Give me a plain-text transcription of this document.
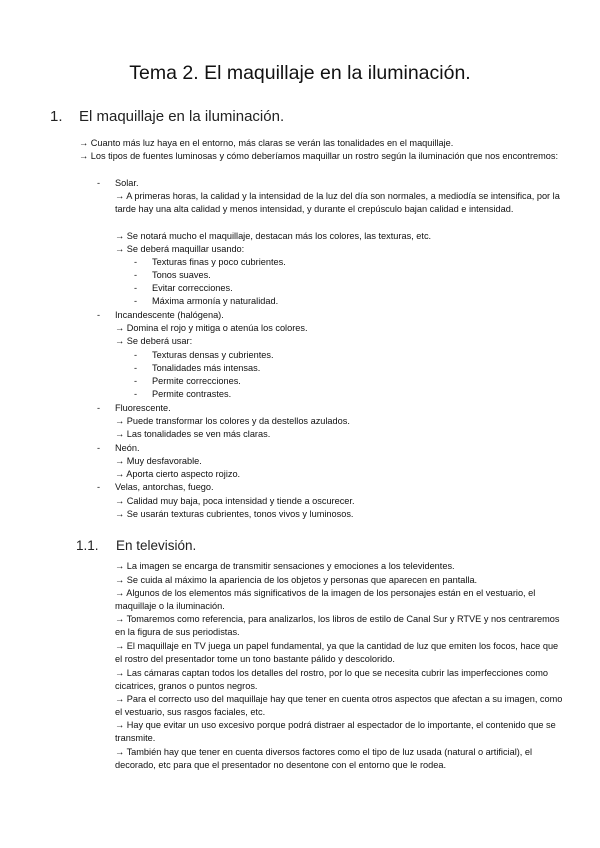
Tema 2. El maquillaje en la iluminación.
1. El maquillaje en la iluminación.
→ Cuanto más luz haya en el entorno, más claras se verán las tonalidades en el maquillaje.
→ Los tipos de fuentes luminosas y cómo deberíamos maquillar un rostro según la iluminación que nos encontremos:
- Solar.
→ A primeras horas, la calidad y la intensidad de la luz del día son normales, a mediodía se intensifica, por la tarde hay una alta calidad y menos intensidad, y durante el crepúsculo bajan calidad e intensidad.
→ Se notará mucho el maquillaje, destacan más los colores, las texturas, etc.
→ Se deberá maquillar usando:
- Texturas finas y poco cubrientes.
- Tonos suaves.
- Evitar correcciones.
- Máxima armonía y naturalidad.
- Incandescente (halógena).
→ Domina el rojo y mitiga o atenúa los colores.
→ Se deberá usar:
- Texturas densas y cubrientes.
- Tonalidades más intensas.
- Permite correcciones.
- Permite contrastes.
- Fluorescente.
→ Puede transformar los colores y da destellos azulados.
→ Las tonalidades se ven más claras.
- Neón.
→ Muy desfavorable.
→ Aporta cierto aspecto rojizo.
- Velas, antorchas, fuego.
→ Calidad muy baja, poca intensidad y tiende a oscurecer.
→ Se usarán texturas cubrientes, tonos vivos y luminosos.
1.1. En televisión.
→ La imagen se encarga de transmitir sensaciones y emociones a los televidentes.
→ Se cuida al máximo la apariencia de los objetos y personas que aparecen en pantalla.
→ Algunos de los elementos más significativos de la imagen de los personajes están en el vestuario, el maquillaje o la iluminación.
→ Tomaremos como referencia, para analizarlos, los libros de estilo de Canal Sur y RTVE y nos centraremos en la figura de sus periodistas.
→ El maquillaje en TV juega un papel fundamental, ya que la cantidad de luz que emiten los focos, hace que el rostro del presentador tome un tono bastante pálido y descolorido.
→ Las cámaras captan todos los detalles del rostro, por lo que se necesita cubrir las imperfecciones como cicatrices, granos o puntos negros.
→ Para el correcto uso del maquillaje hay que tener en cuenta otros aspectos que afectan a su imagen, como el vestuario, sus rasgos faciales, etc.
→ Hay que evitar un uso excesivo porque podrá distraer al espectador de lo importante, el contenido que se transmite.
→ También hay que tener en cuenta diversos factores como el tipo de luz usada (natural o artificial), el decorado, etc para que el presentador no desentone con el entorno que le rodea.
